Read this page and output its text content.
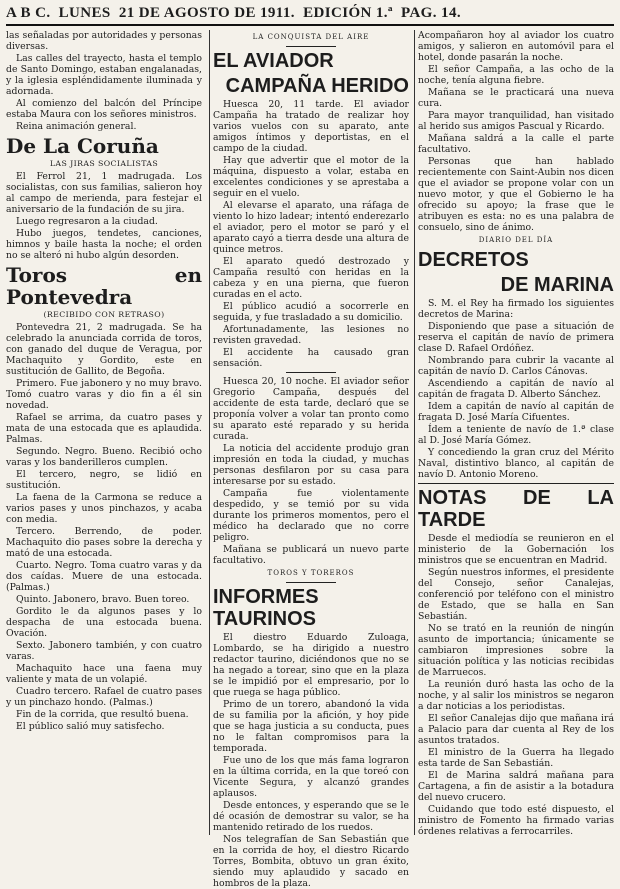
A B C. LUNES 21 DE AGOSTO DE 1911. EDICIÓN 1.ª PAG. 14.

las señaladas por autoridades y personas diversas.

Las calles del trayecto, hasta el templo de Santo Domingo, estaban engalanadas, y la iglesia espléndidamente iluminada y adornada.

Al comienzo del balcón del Príncipe estaba Maura con los señores ministros.

Reina animación general.

De La Coruña
LAS JIRAS SOCIALISTAS

El Ferrol 21, 1 madrugada. Los socialistas, con sus familias, salieron hoy al campo de merienda, para festejar el aniversario de la fundación de su jira.

Luego regresaron a la ciudad.

Hubo juegos, tendetes, canciones, himnos y baile hasta la noche; el orden no se alteró ni hubo algún desorden.

Toros en Pontevedra
(RECIBIDO CON RETRASO)

Pontevedra 21, 2 madrugada. Se ha celebrado la anunciada corrida de toros, con ganado del duque de Veragua, por Machaquito y Gordito, este en sustitución de Gallito, de Begoña.

Primero. Fue jabonero y no muy bravo. Tomó cuatro varas y dio fin a él sin novedad.

Rafael se arrima, da cuatro pases y mata de una estocada que es aplaudida. Palmas.

Segundo. Negro. Bueno. Recibió ocho varas y los banderilleros cumplen.

El tercero, negro, se lidió en sustitución.

La faena de la Carmona se reduce a varios pases y unos pinchazos, y acaba con media.

Tercero. Berrendo, de poder. Machaquito dio pases sobre la derecha y mató de una estocada.

Cuarto. Negro. Toma cuatro varas y da dos caídas. Muere de una estocada. (Palmas.)

Quinto. Jabonero, bravo. Buen toreo.

Gordito le da algunos pases y lo despacha de una estocada buena. Ovación.

Sexto. Jabonero también, y con cuatro varas.

Machaquito hace una faena muy valiente y mata de un volapié.

Cuadro tercero. Rafael de cuatro pases y un pinchazo hondo. (Palmas.)

Fin de la corrida, que resultó buena.

El público salió muy satisfecho.

LA CONQUISTA DEL AIRE
EL AVIADOR
CAMPAÑA HERIDO

Huesca 20, 11 tarde. El aviador Campaña ha tratado de realizar hoy varios vuelos con su aparato, ante amigos íntimos y deportistas, en el campo de la ciudad.

Hay que advertir que el motor de la máquina, dispuesto a volar, estaba en excelentes condiciones y se aprestaba a seguir en el vuelo.

Al elevarse el aparato, una ráfaga de viento lo hizo ladear; intentó enderezarlo el aviador, pero el motor se paró y el aparato cayó a tierra desde una altura de quince metros.

El aparato quedó destrozado y Campaña resultó con heridas en la cabeza y en una pierna, que fueron curadas en el acto.

El público acudió a socorrerle en seguida, y fue trasladado a su domicilio.

Afortunadamente, las lesiones no revisten gravedad.

El accidente ha causado gran sensación.

Huesca 20, 10 noche. El aviador señor Gregorio Campaña, después del accidente de esta tarde, declaró que se proponía volver a volar tan pronto como su aparato esté reparado y su herida curada.

La noticia del accidente produjo gran impresión en toda la ciudad, y muchas personas desfilaron por su casa para interesarse por su estado.

Campaña fue violentamente despedido, y se temió por su vida durante los primeros momentos, pero el médico ha declarado que no corre peligro.

Mañana se publicará un nuevo parte facultativo.

TOROS Y TOREROS
INFORMES TAURINOS

El diestro Eduardo Zuloaga, Lombardo, se ha dirigido a nuestro redactor taurino, diciéndonos que no se ha negado a torear, sino que en la plaza se le impidió por el empresario, por lo que ruega se haga público.

Primo de un torero, abandonó la vida de su familia por la afición, y hoy pide que se haga justicia a su conducta, pues no le faltan compromisos para la temporada.

Fue uno de los que más fama lograron en la última corrida, en la que toreó con Vicente Segura, y alcanzó grandes aplausos.

Desde entonces, y esperando que se le dé ocasión de demostrar su valor, se ha mantenido retirado de los ruedos.

Nos telegrafían de San Sebastián que en la corrida de hoy, el diestro Ricardo Torres, Bombita, obtuvo un gran éxito, siendo muy aplaudido y sacado en hombros de la plaza.

Acompañaron hoy al aviador los cuatro amigos, y salieron en automóvil para el hotel, donde pasarán la noche.

El señor Campaña, a las ocho de la noche, tenía alguna fiebre.

Mañana se le practicará una nueva cura.

Para mayor tranquilidad, han visitado al herido sus amigos Pascual y Ricardo.

Mañana saldrá a la calle el parte facultativo.

Personas que han hablado recientemente con Saint-Aubin nos dicen que el aviador se propone volar con un nuevo motor, y que el Gobierno le ha ofrecido su apoyo; la frase que le atribuyen es esta: no es una palabra de consuelo, sino de ánimo.

DIARIO DEL DÍA
DECRETOS
DE MARINA

S. M. el Rey ha firmado los siguientes decretos de Marina:

Disponiendo que pase a situación de reserva el capitán de navío de primera clase D. Rafael Ordóñez.

Nombrando para cubrir la vacante al capitán de navío D. Carlos Cánovas.

Ascendiendo a capitán de navío al capitán de fragata D. Alberto Sánchez.

Idem a capitán de navío al capitán de fragata D. José María Cifuentes.

Ídem a teniente de navío de 1.ª clase al D. José María Gómez.

Y concediendo la gran cruz del Mérito Naval, distintivo blanco, al capitán de navío D. Antonio Moreno.

NOTAS DE LA TARDE

Desde el mediodía se reunieron en el ministerio de la Gobernación los ministros que se encuentran en Madrid.

Según nuestros informes, el presidente del Consejo, señor Canalejas, conferenció por teléfono con el ministro de Estado, que se halla en San Sebastián.

No se trató en la reunión de ningún asunto de importancia; únicamente se cambiaron impresiones sobre la situación política y las noticias recibidas de Marruecos.

La reunión duró hasta las ocho de la noche, y al salir los ministros se negaron a dar noticias a los periodistas.

El señor Canalejas dijo que mañana irá a Palacio para dar cuenta al Rey de los asuntos tratados.

El ministro de la Guerra ha llegado esta tarde de San Sebastián.

El de Marina saldrá mañana para Cartagena, a fin de asistir a la botadura del nuevo crucero.

Cuidando que todo esté dispuesto, el ministro de Fomento ha firmado varias órdenes relativas a ferrocarriles.
